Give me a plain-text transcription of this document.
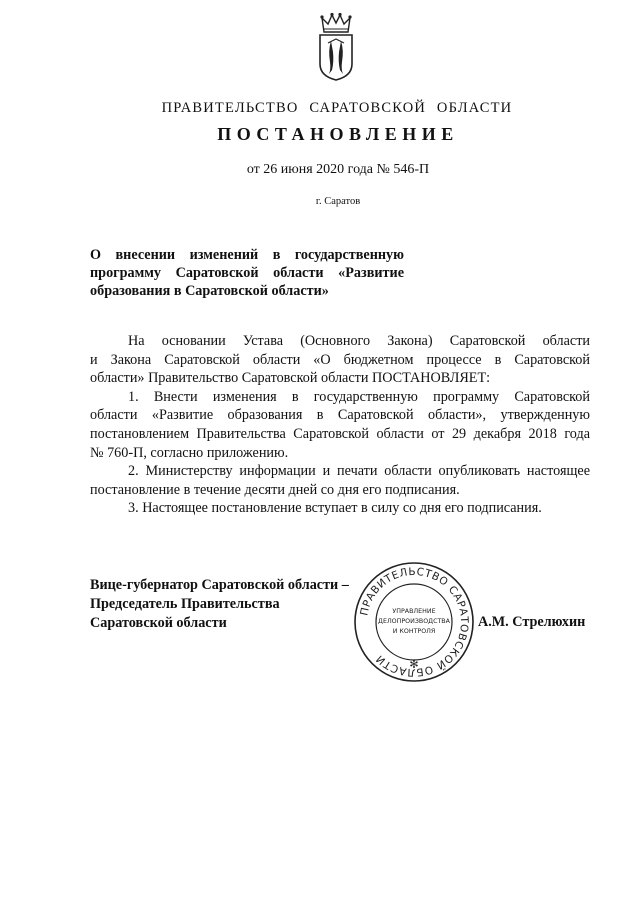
ПРАВИТЕЛЬСТВО САРАТОВСКОЙ ОБЛАСТИ
ПОСТАНОВЛЕНИЕ
от 26 июня 2020 года № 546-П
г. Саратов
О внесении изменений в государственную
программу Саратовской области «Развитие
образования в Саратовской области»
На основании Устава (Основного Закона) Саратовской области
и Закона Саратовской области «О бюджетном процессе в Саратовской
области» Правительство Саратовской области ПОСТАНОВЛЯЕТ:
1. Внести изменения в государственную программу Саратовской
области «Развитие образования в Саратовской области», утвержденную
постановлением Правительства Саратовской области от 29 декабря 2018 года
№ 760-П, согласно приложению.
2. Министерству информации и печати области опубликовать настоящее
постановление в течение десяти дней со дня его подписания.
3. Настоящее постановление вступает в силу со дня его подписания.
Вице-губернатор Саратовской области –
Председатель Правительства
Саратовской области
ПРАВИТЕЛЬСТВО САРАТОВСКОЙ ОБЛАСТИ
УПРАВЛЕНИЕ
ДЕЛОПРОИЗВОДСТВА
И КОНТРОЛЯ
✻
А.М. Стрелюхин
